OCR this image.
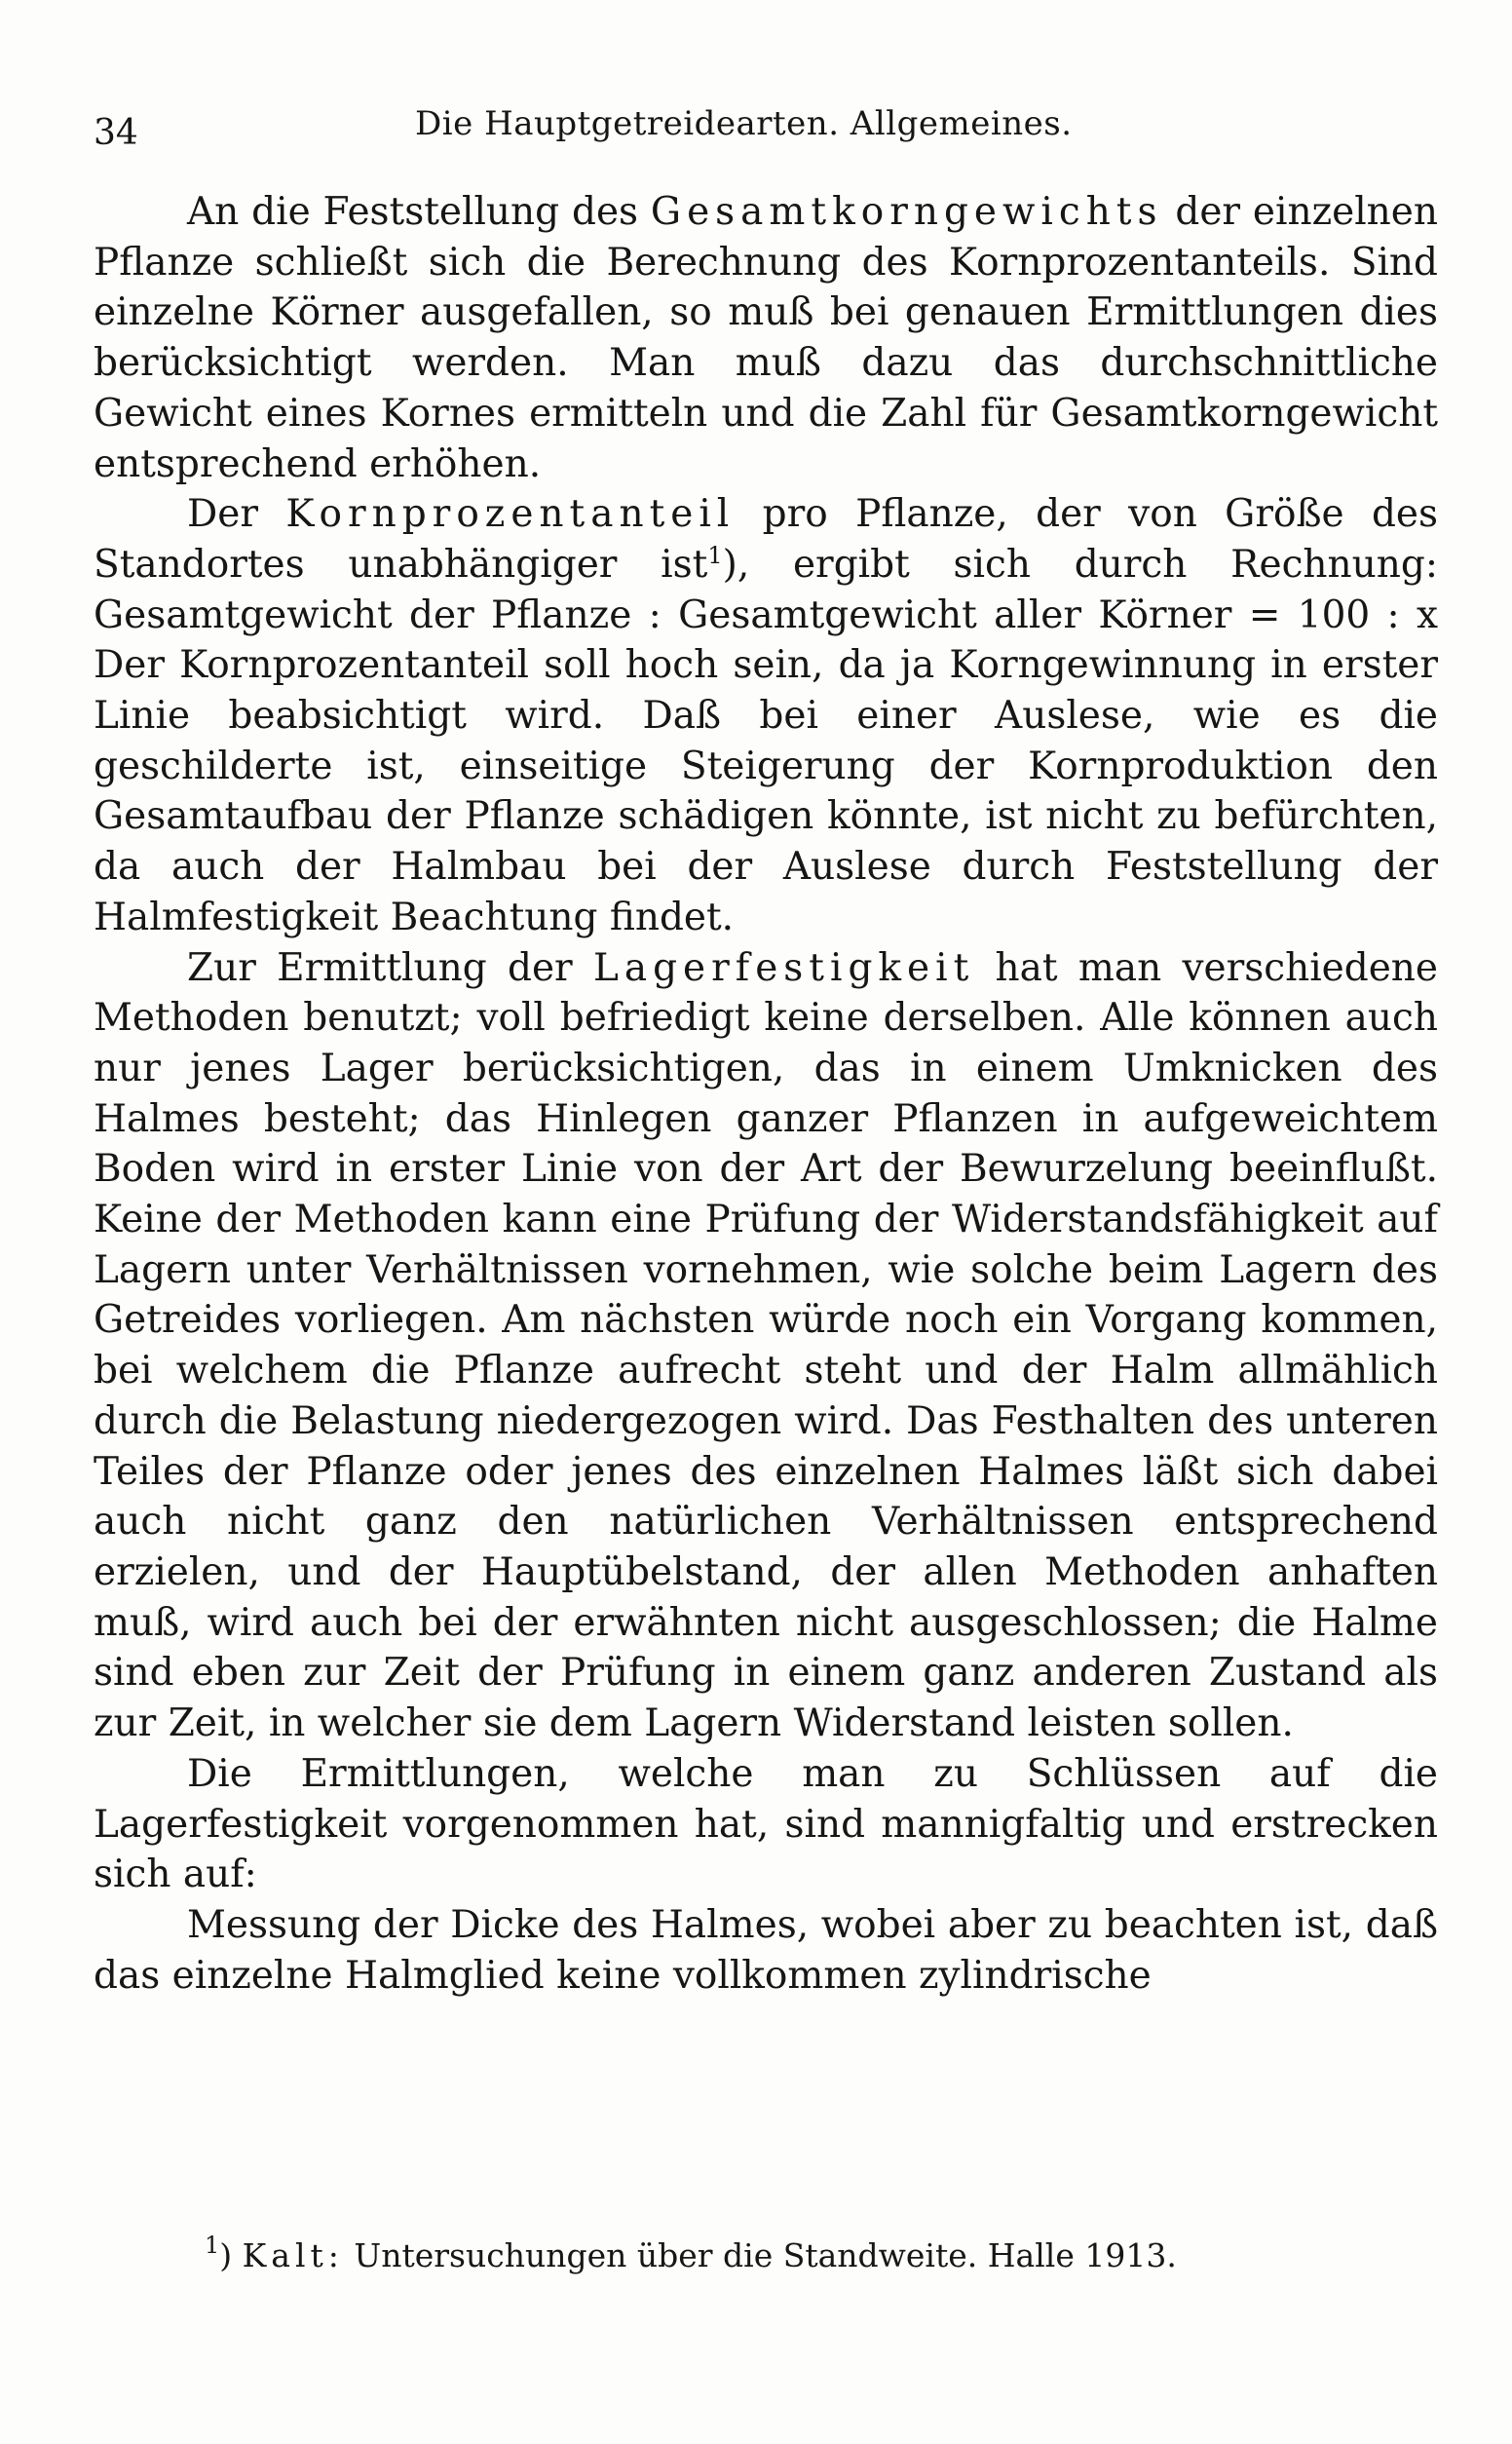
34	Die Hauptgetreidearten. Allgemeines.

An die Feststellung des Gesamtkorngewichts der einzelnen Pflanze schließt sich die Berechnung des Kornprozentanteils. Sind einzelne Körner ausgefallen, so muß bei genauen Ermittlungen dies berücksichtigt werden. Man muß dazu das durchschnittliche Gewicht eines Kornes ermitteln und die Zahl für Gesamtkorngewicht entsprechend erhöhen.

Der Kornprozentanteil pro Pflanze, der von Größe des Standortes unabhängiger ist$^1$), ergibt sich durch Rechnung: Gesamtgewicht der Pflanze : Gesamtgewicht aller Körner = 100 : x Der Kornprozentanteil soll hoch sein, da ja Korngewinnung in erster Linie beabsichtigt wird. Daß bei einer Auslese, wie es die geschilderte ist, einseitige Steigerung der Kornproduktion den Gesamtaufbau der Pflanze schädigen könnte, ist nicht zu befürchten, da auch der Halmbau bei der Auslese durch Feststellung der Halmfestigkeit Beachtung findet.

Zur Ermittlung der Lagerfestigkeit hat man verschiedene Methoden benutzt; voll befriedigt keine derselben. Alle können auch nur jenes Lager berücksichtigen, das in einem Umknicken des Halmes besteht; das Hinlegen ganzer Pflanzen in aufgeweichtem Boden wird in erster Linie von der Art der Bewurzelung beeinflußt. Keine der Methoden kann eine Prüfung der Widerstandsfähigkeit auf Lagern unter Verhältnissen vornehmen, wie solche beim Lagern des Getreides vorliegen. Am nächsten würde noch ein Vorgang kommen, bei welchem die Pflanze aufrecht steht und der Halm allmählich durch die Belastung niedergezogen wird. Das Festhalten des unteren Teiles der Pflanze oder jenes des einzelnen Halmes läßt sich dabei auch nicht ganz den natürlichen Verhältnissen entsprechend erzielen, und der Hauptübelstand, der allen Methoden anhaften muß, wird auch bei der erwähnten nicht ausgeschlossen; die Halme sind eben zur Zeit der Prüfung in einem ganz anderen Zustand als zur Zeit, in welcher sie dem Lagern Widerstand leisten sollen.

Die Ermittlungen, welche man zu Schlüssen auf die Lagerfestigkeit vorgenommen hat, sind mannigfaltig und erstrecken sich auf:

Messung der Dicke des Halmes, wobei aber zu beachten ist, daß das einzelne Halmglied keine vollkommen zylindrische

$^1$) Kalt: Untersuchungen über die Standweite. Halle 1913.
